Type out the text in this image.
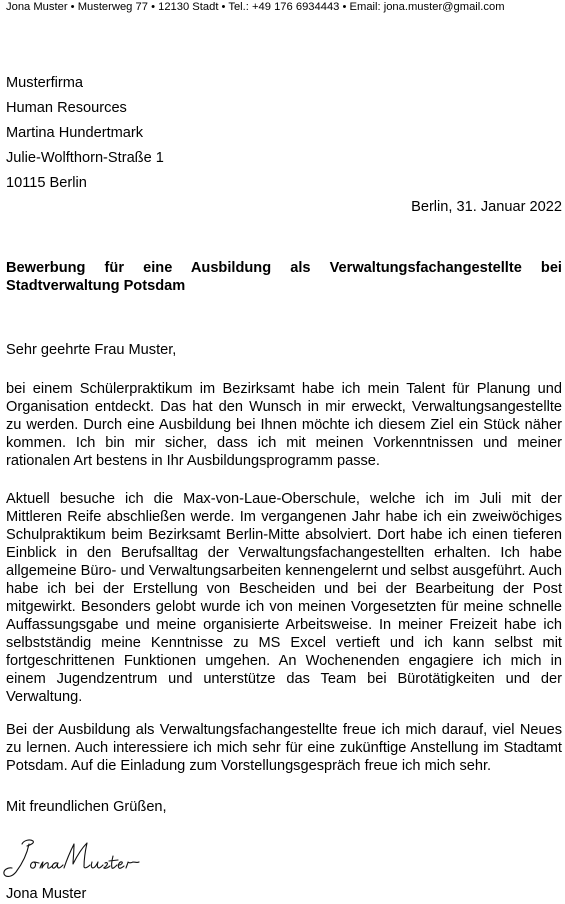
Jona Muster • Musterweg 77 • 12130 Stadt • Tel.: +49 176 6934443 • Email: jona.muster@gmail.com
Musterfirma
Human Resources
Martina Hundertmark
Julie-Wolfthorn-Straße 1
10115 Berlin
Berlin, 31. Januar 2022
Bewerbung für eine Ausbildung als Verwaltungsfachangestellte bei Stadtverwaltung Potsdam
Sehr geehrte Frau Muster,

bei einem Schülerpraktikum im Bezirksamt habe ich mein Talent für Planung und Organisation entdeckt. Das hat den Wunsch in mir erweckt, Verwaltungsangestellte zu werden. Durch eine Ausbildung bei Ihnen möchte ich diesem Ziel ein Stück näher kommen. Ich bin mir sicher, dass ich mit meinen Vorkenntnissen und meiner rationalen Art bestens in Ihr Ausbildungsprogramm passe.

Aktuell besuche ich die Max-von-Laue-Oberschule, welche ich im Juli mit der Mittleren Reife abschließen werde. Im vergangenen Jahr habe ich ein zweiwöchiges Schulpraktikum beim Bezirksamt Berlin-Mitte absolviert. Dort habe ich einen tieferen Einblick in den Berufsalltag der Verwaltungsfachangestellten erhalten. Ich habe allgemeine Büro- und Verwaltungsarbeiten kennengelernt und selbst ausgeführt. Auch habe ich bei der Erstellung von Bescheiden und bei der Bearbeitung der Post mitgewirkt. Besonders gelobt wurde ich von meinen Vorgesetzten für meine schnelle Auffassungsgabe und meine organisierte Arbeitsweise. In meiner Freizeit habe ich selbstständig meine Kenntnisse zu MS Excel vertieft und ich kann selbst mit fortgeschrittenen Funktionen umgehen. An Wochenenden engagiere ich mich in einem Jugendzentrum und unterstütze das Team bei Bürotätigkeiten und der Verwaltung.

Bei der Ausbildung als Verwaltungsfachangestellte freue ich mich darauf, viel Neues zu lernen. Auch interessiere ich mich sehr für eine zukünftige Anstellung im Stadtamt Potsdam. Auf die Einladung zum Vorstellungsgespräch freue ich mich sehr.

Mit freundlichen Grüßen,
Jona Muster
